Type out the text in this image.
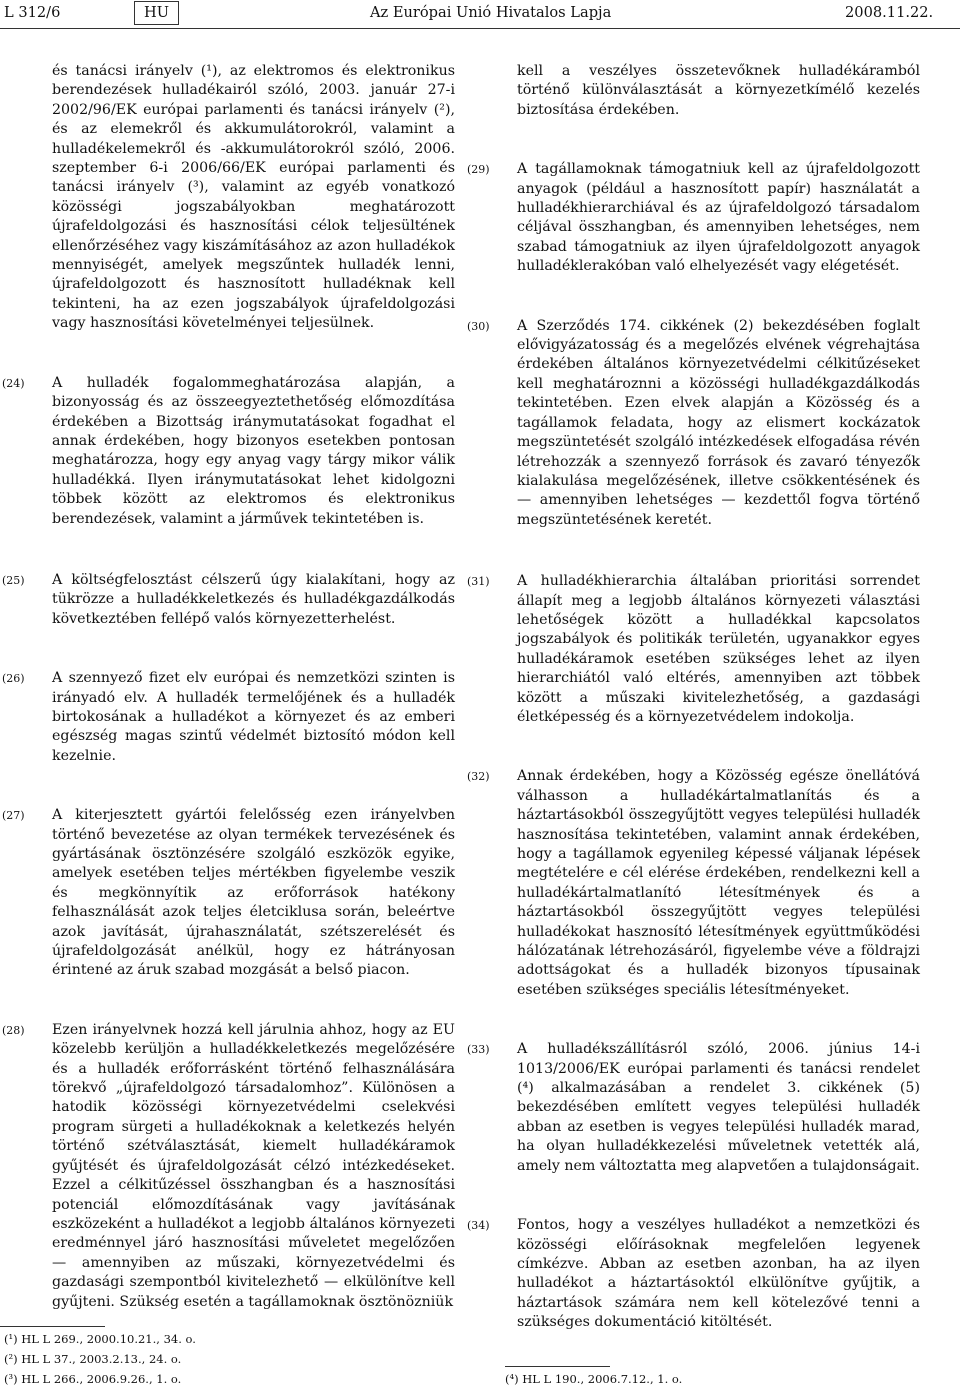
L 312/6	HU	Az Európai Unió Hivatalos Lapja	2008.11.22.

és tanácsi irányelv (¹), az elektromos és elektronikus berendezések hulladékairól szóló, 2003. január 27-i 2002/96/EK európai parlamenti és tanácsi irányelv (²), és az elemekről és akkumulátorokról, valamint a hulladékelemekről és -akkumulátorokról szóló, 2006. szeptember 6-i 2006/66/EK európai parlamenti és tanácsi irányelv (³), valamint az egyéb vonatkozó közösségi jogszabályokban meghatározott újrafeldolgozási és hasznosítási célok teljesültének ellenőrzéséhez vagy kiszámításához az azon hulladékok mennyiségét, amelyek megszűntek hulladék lenni, újrafeldolgozott és hasznosított hulladéknak kell tekinteni, ha az ezen jogszabályok újrafeldolgozási vagy hasznosítási követelményei teljesülnek.

(24) A hulladék fogalommeghatározása alapján, a bizonyosság és az összeegyeztethetőség előmozdítása érdekében a Bizottság iránymutatásokat fogadhat el annak érdekében, hogy bizonyos esetekben pontosan meghatározza, hogy egy anyag vagy tárgy mikor válik hulladékká. Ilyen iránymutatásokat lehet kidolgozni többek között az elektromos és elektronikus berendezések, valamint a járművek tekintetében is.

(25) A költségfelosztást célszerű úgy kialakítani, hogy az tükrözze a hulladékkeletkezés és hulladékgazdálkodás következtében fellépő valós környezetterhelést.

(26) A szennyező fizet elv európai és nemzetközi szinten is irányadó elv. A hulladék termelőjének és a hulladék birtokosának a hulladékot a környezet és az emberi egészség magas szintű védelmét biztosító módon kell kezelnie.

(27) A kiterjesztett gyártói felelősség ezen irányelvben történő bevezetése az olyan termékek tervezésének és gyártásának ösztönzésére szolgáló eszközök egyike, amelyek esetében teljes mértékben figyelembe veszik és megkönnyítik az erőforrások hatékony felhasználását azok teljes életciklusa során, beleértve azok javítását, újrahasználatát, szétszerelését és újrafeldolgozását anélkül, hogy ez hátrányosan érintené az áruk szabad mozgását a belső piacon.

(28) Ezen irányelvnek hozzá kell járulnia ahhoz, hogy az EU közelebb kerüljön a hulladékkeletkezés megelőzésére és a hulladék erőforrásként történő felhasználására törekvő „újrafeldolgozó társadalomhoz”. Különösen a hatodik közösségi környezetvédelmi cselekvési program sürgeti a hulladékoknak a keletkezés helyén történő szétválasztását, kiemelt hulladékáramok gyűjtését és újrafeldolgozását célzó intézkedéseket. Ezzel a célkitűzéssel összhangban és a hasznosítási potenciál előmozdításának vagy javításának eszközeként a hulladékot a legjobb általános környezeti eredménnyel járó hasznosítási műveletet megelőzően — amennyiben az műszaki, környezetvédelmi és gazdasági szempontból kivitelezhető — elkülönítve kell gyűjteni. Szükség esetén a tagállamoknak ösztönözniük

kell a veszélyes összetevőknek hulladékáramból történő különválasztását a környezetkímélő kezelés biztosítása érdekében.

(29) A tagállamoknak támogatniuk kell az újrafeldolgozott anyagok (például a hasznosított papír) használatát a hulladékhierarchiával és az újrafeldolgozó társadalom céljával összhangban, és amennyiben lehetséges, nem szabad támogatniuk az ilyen újrafeldolgozott anyagok hulladéklerakóban való elhelyezését vagy elégetését.

(30) A Szerződés 174. cikkének (2) bekezdésében foglalt elővigyázatosság és a megelőzés elvének végrehajtása érdekében általános környezetvédelmi célkitűzéseket kell meghatároznni a közösségi hulladékgazdálkodás tekintetében. Ezen elvek alapján a Közösség és a tagállamok feladata, hogy az elismert kockázatok megszüntetését szolgáló intézkedések elfogadása révén létrehozzák a szennyező források és zavaró tényezők kialakulása megelőzésének, illetve csökkentésének és — amennyiben lehetséges — kezdettől fogva történő megszüntetésének keretét.

(31) A hulladékhierarchia általában prioritási sorrendet állapít meg a legjobb általános környezeti választási lehetőségek között a hulladékkal kapcsolatos jogszabályok és politikák területén, ugyanakkor egyes hulladékáramok esetében szükséges lehet az ilyen hierarchiától való eltérés, amennyiben azt többek között a műszaki kivitelezhetőség, a gazdasági életképesség és a környezetvédelem indokolja.

(32) Annak érdekében, hogy a Közösség egésze önellátóvá válhasson a hulladékártalmatlanítás és a háztartásokból összegyűjtött vegyes települési hulladék hasznosítása tekintetében, valamint annak érdekében, hogy a tagállamok egyenileg képessé váljanak lépések megtételére e cél elérése érdekében, rendelkezni kell a hulladékártalmatlanító létesítmények és a háztartásokból összegyűjtött vegyes települési hulladékokat hasznosító létesítmények együttműködési hálózatának létrehozásáról, figyelembe véve a földrajzi adottságokat és a hulladék bizonyos típusainak esetében szükséges speciális létesítményeket.

(33) A hulladékszállításról szóló, 2006. június 14-i 1013/2006/EK európai parlamenti és tanácsi rendelet (⁴) alkalmazásában a rendelet 3. cikkének (5) bekezdésében említett vegyes települési hulladék abban az esetben is vegyes települési hulladék marad, ha olyan hulladékkezelési műveletnek vetették alá, amely nem változtatta meg alapvetően a tulajdonságait.

(34) Fontos, hogy a veszélyes hulladékot a nemzetközi és közösségi előírásoknak megfelelően legyenek címkézve. Abban az esetben azonban, ha az ilyen hulladékot a háztartásoktól elkülönítve gyűjtik, a háztartások számára nem kell kötelezővé tenni a szükséges dokumentáció kitöltését.

(¹) HL L 269., 2000.10.21., 34. o.
(²) HL L 37., 2003.2.13., 24. o.
(³) HL L 266., 2006.9.26., 1. o.	(⁴) HL L 190., 2006.7.12., 1. o.
